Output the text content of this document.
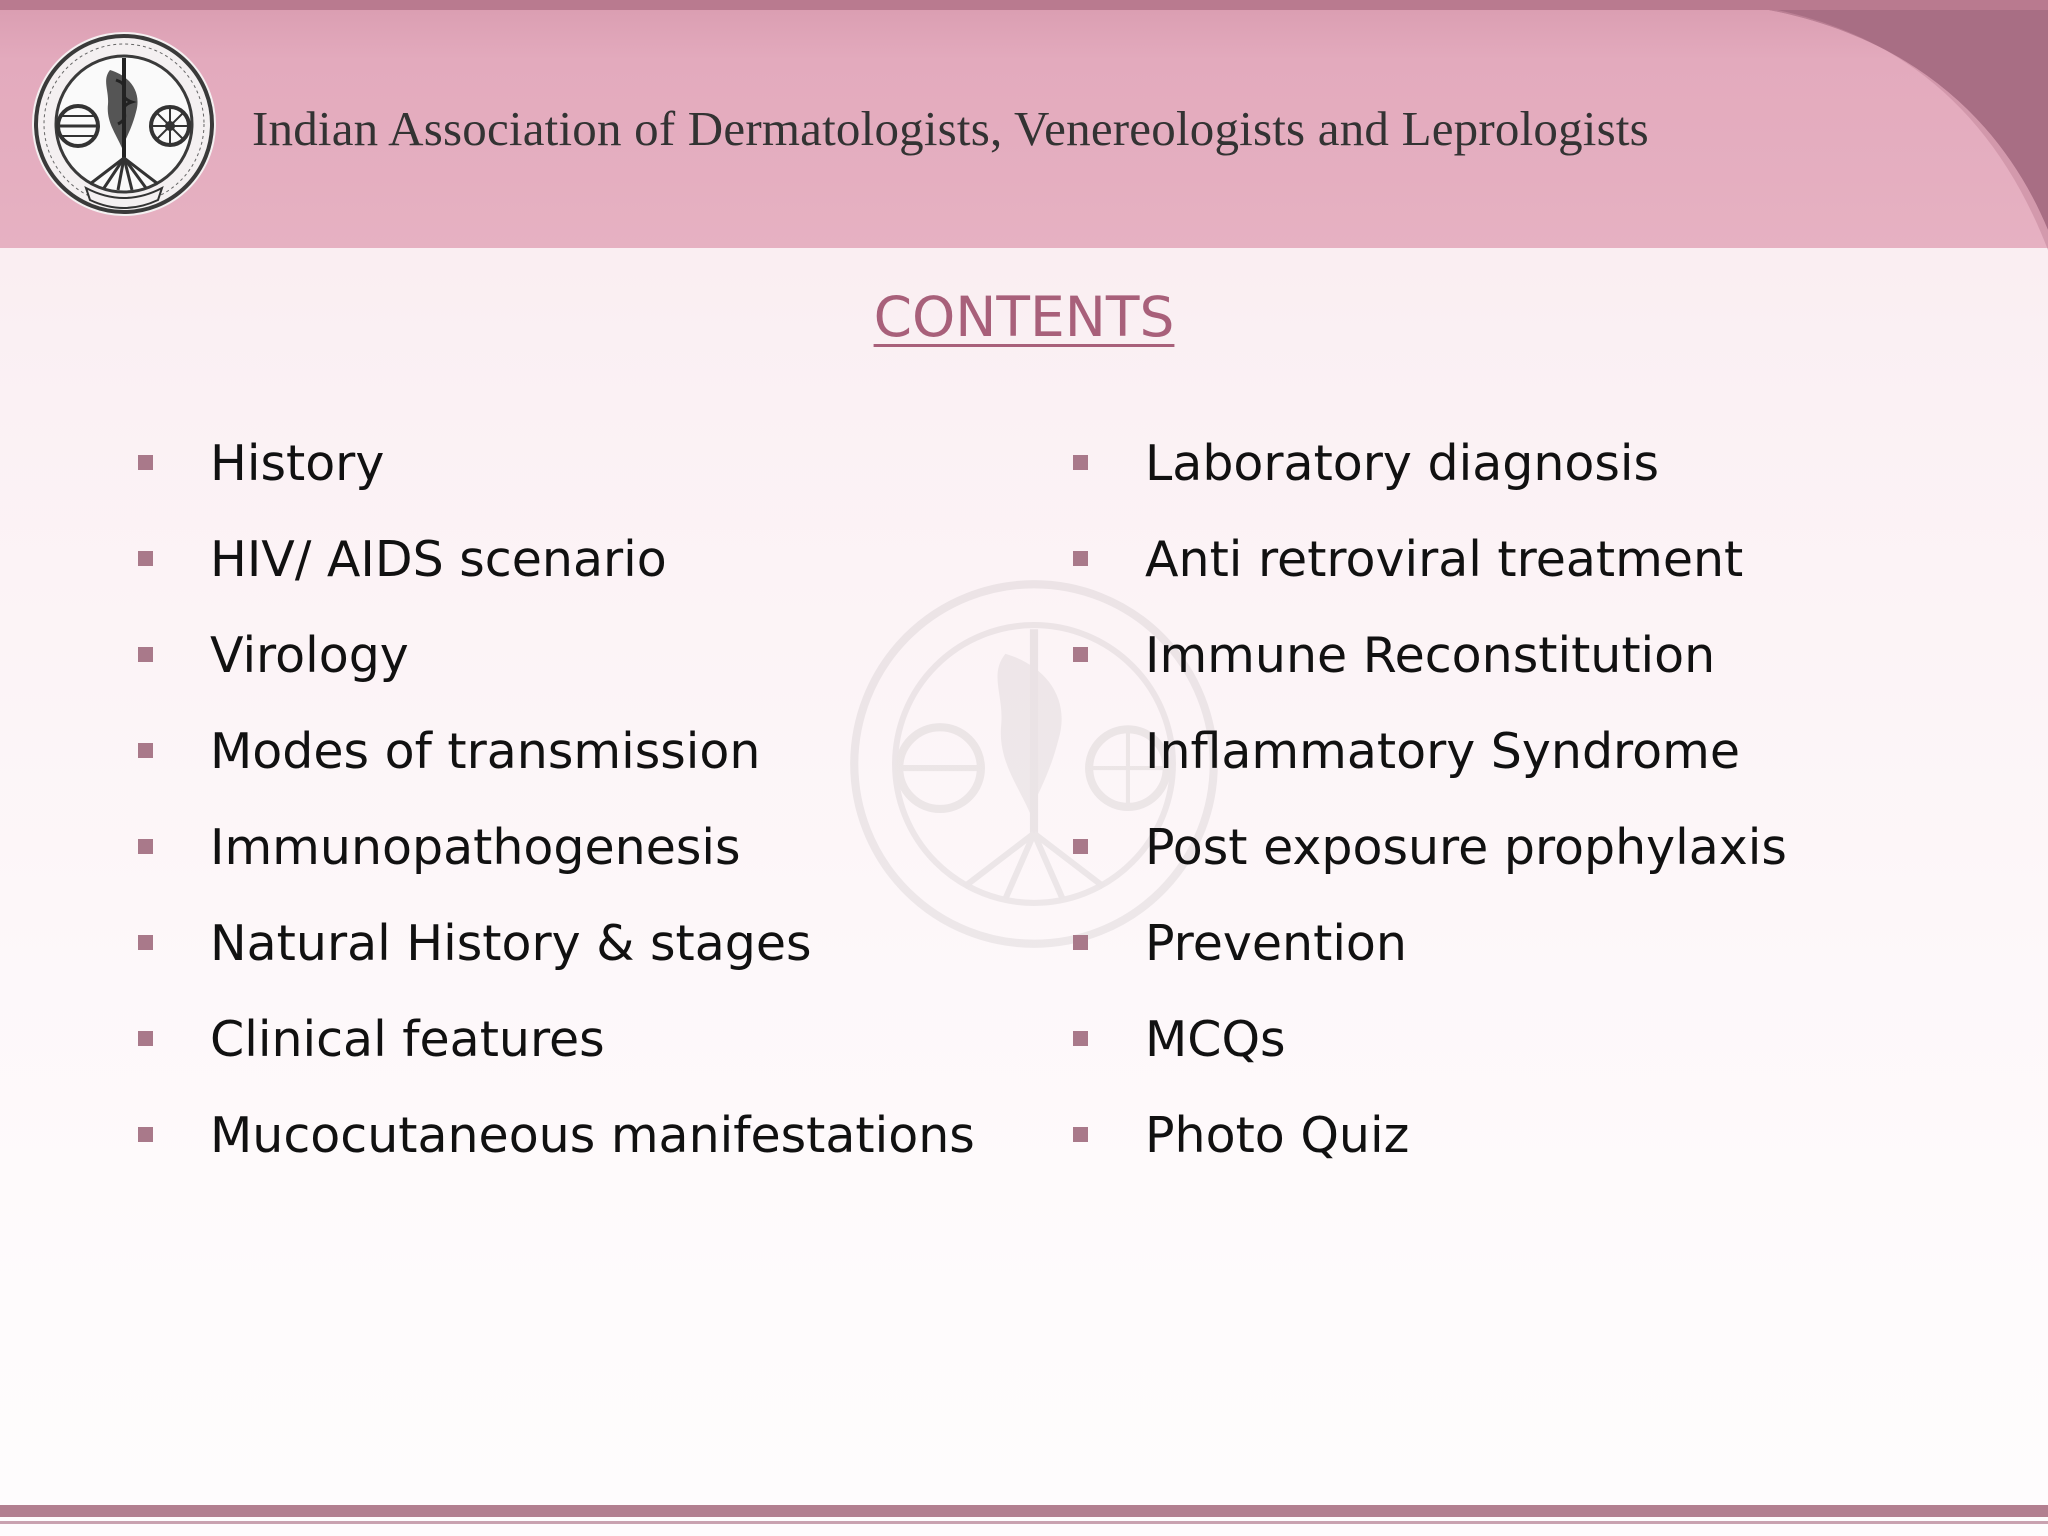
Indian Association of Dermatologists, Venereologists and Leprologists
CONTENTS
History
HIV/ AIDS scenario
Virology
Modes of transmission
Immunopathogenesis
Natural History & stages
Clinical features
Mucocutaneous manifestations
Laboratory diagnosis
Anti retroviral treatment
Immune Reconstitution
Inflammatory Syndrome
Post exposure prophylaxis
Prevention
MCQs
Photo Quiz
